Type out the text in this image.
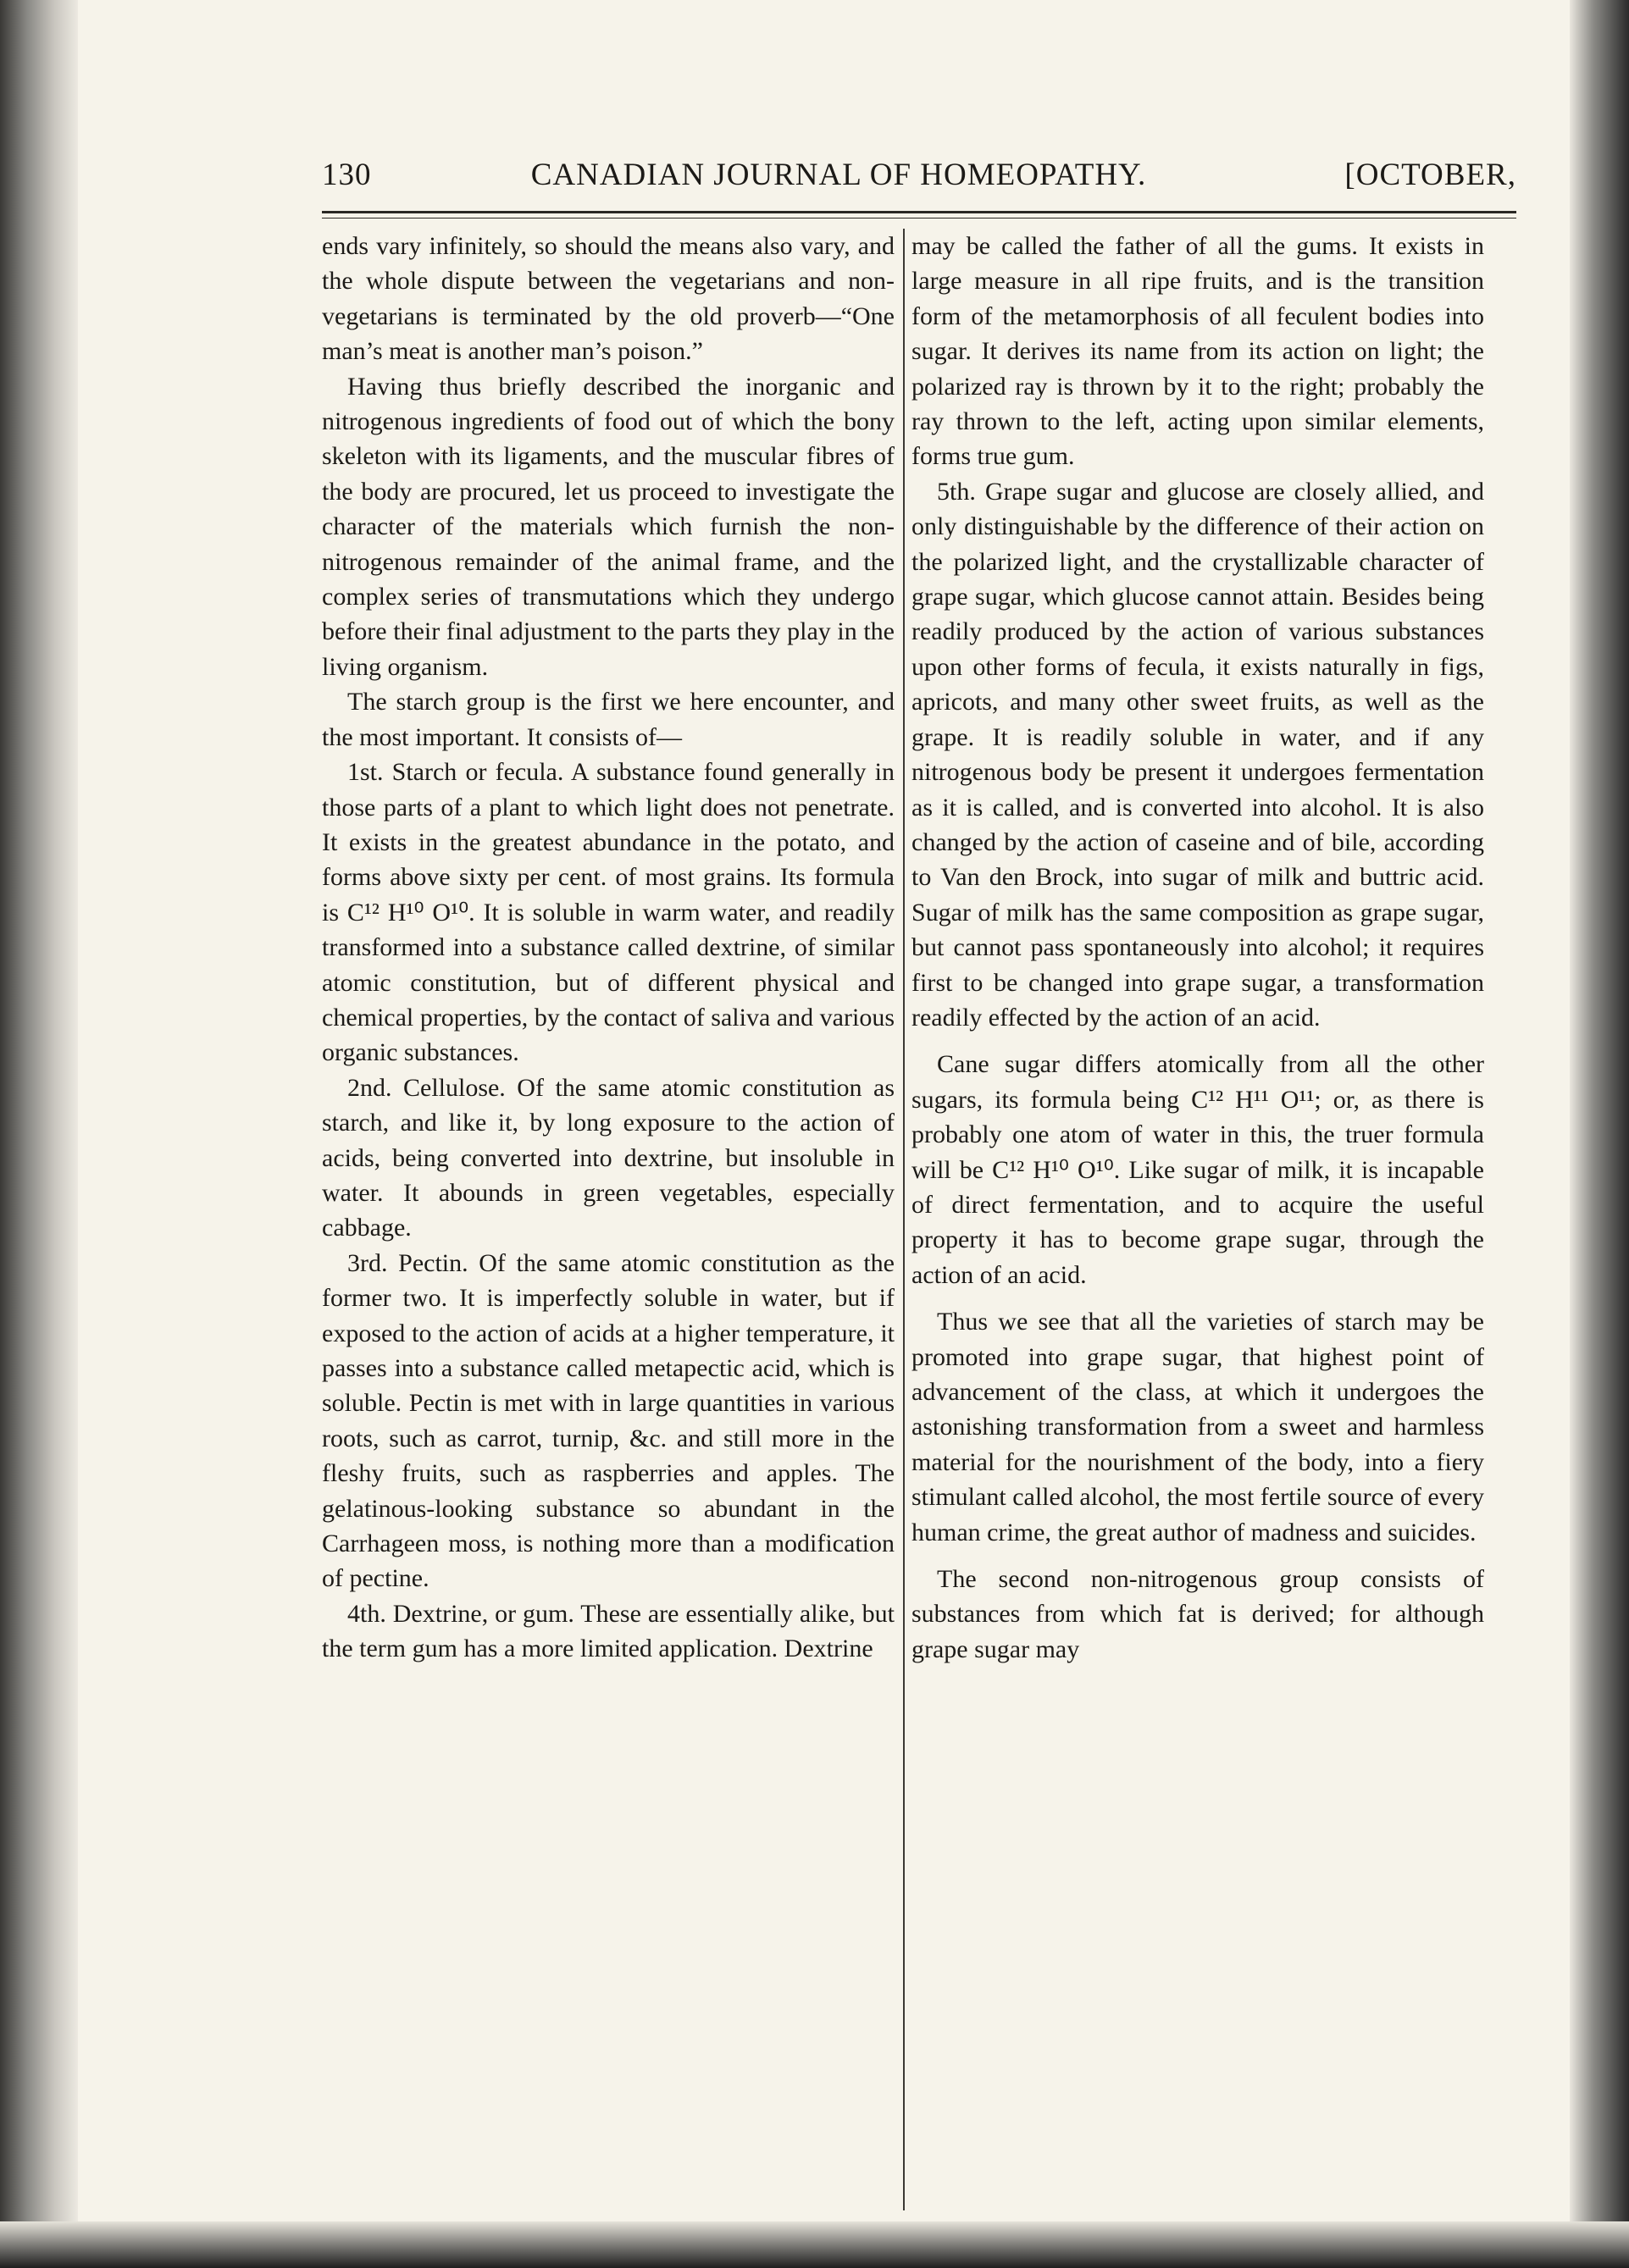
130	CANADIAN JOURNAL OF HOMEOPATHY.	[OCTOBER,

ends vary infinitely, so should the means also vary, and the whole dispute between the vegetarians and non-vegetarians is terminated by the old proverb—“One man’s meat is another man’s poison.”

Having thus briefly described the inorganic and nitrogenous ingredients of food out of which the bony skeleton with its ligaments, and the muscular fibres of the body are procured, let us proceed to investigate the character of the materials which furnish the non-nitrogenous remainder of the animal frame, and the complex series of transmutations which they undergo before their final adjustment to the parts they play in the living organism.

The starch group is the first we here encounter, and the most important. It consists of—

1st. Starch or fecula. A substance found generally in those parts of a plant to which light does not penetrate. It exists in the greatest abundance in the potato, and forms above sixty per cent. of most grains. Its formula is C¹² H¹⁰ O¹⁰. It is soluble in warm water, and readily transformed into a substance called dextrine, of similar atomic constitution, but of different physical and chemical properties, by the contact of saliva and various organic substances.

2nd. Cellulose. Of the same atomic constitution as starch, and like it, by long exposure to the action of acids, being converted into dextrine, but insoluble in water. It abounds in green vegetables, especially cabbage.

3rd. Pectin. Of the same atomic constitution as the former two. It is imperfectly soluble in water, but if exposed to the action of acids at a higher temperature, it passes into a substance called metapectic acid, which is soluble. Pectin is met with in large quantities in various roots, such as carrot, turnip, &c. and still more in the fleshy fruits, such as raspberries and apples. The gelatinous-looking substance so abundant in the Carrhageen moss, is nothing more than a modification of pectine.

4th. Dextrine, or gum. These are essentially alike, but the term gum has a more limited application. Dextrine

may be called the father of all the gums. It exists in large measure in all ripe fruits, and is the transition form of the metamorphosis of all feculent bodies into sugar. It derives its name from its action on light; the polarized ray is thrown by it to the right; probably the ray thrown to the left, acting upon similar elements, forms true gum.

5th. Grape sugar and glucose are closely allied, and only distinguishable by the difference of their action on the polarized light, and the crystallizable character of grape sugar, which glucose cannot attain. Besides being readily produced by the action of various substances upon other forms of fecula, it exists naturally in figs, apricots, and many other sweet fruits, as well as the grape. It is readily soluble in water, and if any nitrogenous body be present it undergoes fermentation as it is called, and is converted into alcohol. It is also changed by the action of caseine and of bile, according to Van den Brock, into sugar of milk and buttric acid. Sugar of milk has the same composition as grape sugar, but cannot pass spontaneously into alcohol; it requires first to be changed into grape sugar, a transformation readily effected by the action of an acid.

Cane sugar differs atomically from all the other sugars, its formula being C¹² H¹¹ O¹¹; or, as there is probably one atom of water in this, the truer formula will be C¹² H¹⁰ O¹⁰. Like sugar of milk, it is incapable of direct fermentation, and to acquire the useful property it has to become grape sugar, through the action of an acid.

Thus we see that all the varieties of starch may be promoted into grape sugar, that highest point of advancement of the class, at which it undergoes the astonishing transformation from a sweet and harmless material for the nourishment of the body, into a fiery stimulant called alcohol, the most fertile source of every human crime, the great author of madness and suicides.

The second non-nitrogenous group consists of substances from which fat is derived; for although grape sugar may
